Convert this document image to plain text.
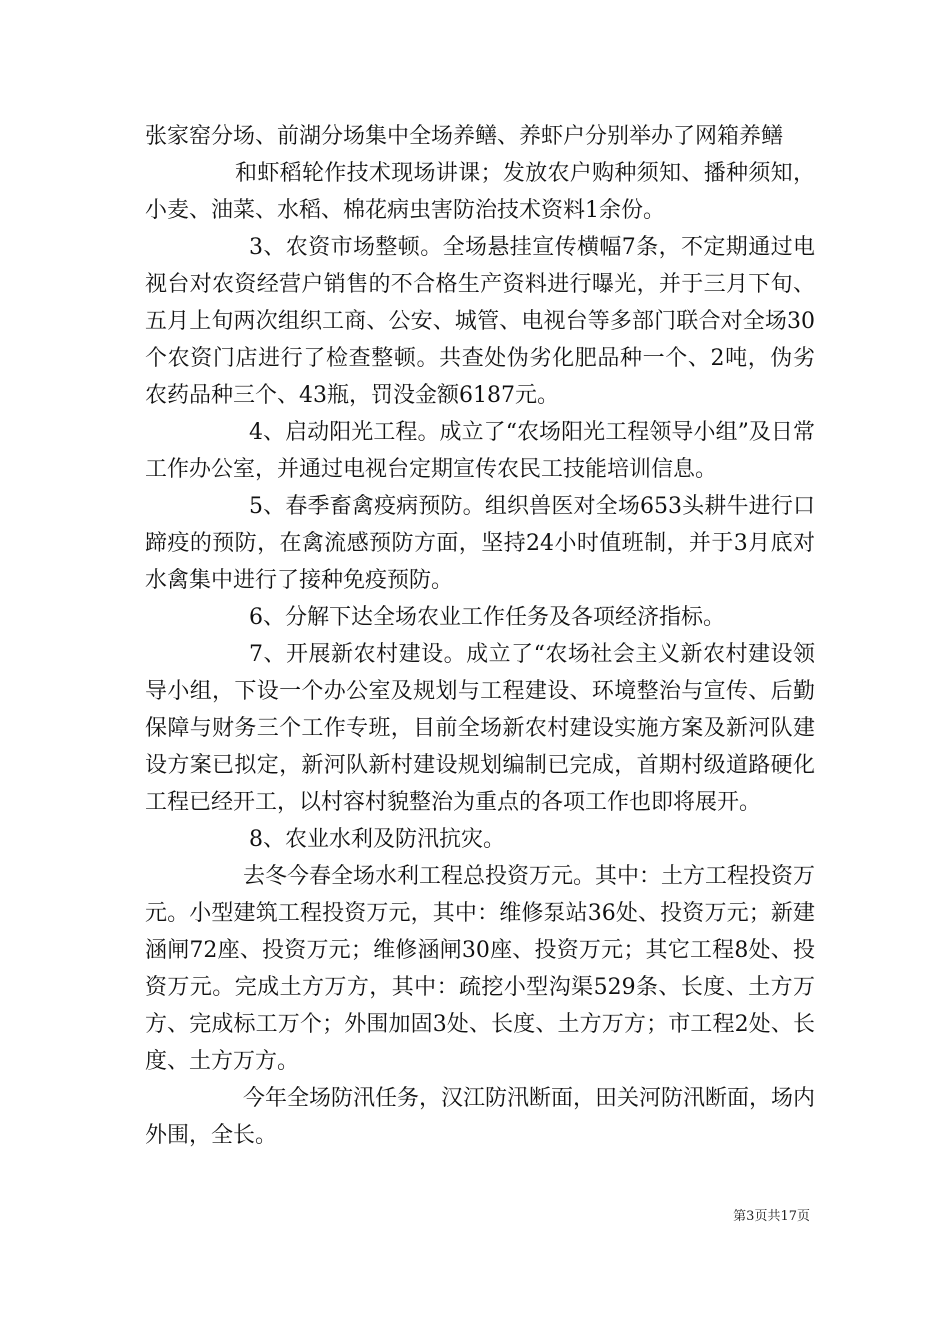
张家窑分场、前湖分场集中全场养鳝、养虾户分别举办了网箱养鳝

和虾稻轮作技术现场讲课；发放农户购种须知、播种须知，小麦、油菜、水稻、棉花病虫害防治技术资料1余份。

3、农资市场整顿。全场悬挂宣传横幅7条，不定期通过电视台对农资经营户销售的不合格生产资料进行曝光，并于三月下旬、五月上旬两次组织工商、公安、城管、电视台等多部门联合对全场30个农资门店进行了检查整顿。共查处伪劣化肥品种一个、2吨，伪劣农药品种三个、43瓶，罚没金额6187元。

4、启动阳光工程。成立了“农场阳光工程领导小组”及日常工作办公室，并通过电视台定期宣传农民工技能培训信息。

5、春季畜禽疫病预防。组织兽医对全场653头耕牛进行口蹄疫的预防，在禽流感预防方面，坚持24小时值班制，并于3月底对水禽集中进行了接种免疫预防。

6、分解下达全场农业工作任务及各项经济指标。

7、开展新农村建设。成立了“农场社会主义新农村建设领导小组，下设一个办公室及规划与工程建设、环境整治与宣传、后勤保障与财务三个工作专班，目前全场新农村建设实施方案及新河队建设方案已拟定，新河队新村建设规划编制已完成，首期村级道路硬化工程已经开工，以村容村貌整治为重点的各项工作也即将展开。

8、农业水利及防汛抗灾。

去冬今春全场水利工程总投资万元。其中：土方工程投资万元。小型建筑工程投资万元，其中：维修泵站36处、投资万元；新建涵闸72座、投资万元；维修涵闸30座、投资万元；其它工程8处、投资万元。完成土方万方，其中：疏挖小型沟渠529条、长度、土方万方、完成标工万个；外围加固3处、长度、土方万方；市工程2处、长度、土方万方。

今年全场防汛任务，汉江防汛断面，田关河防汛断面，场内外围，全长。

第3页共17页
